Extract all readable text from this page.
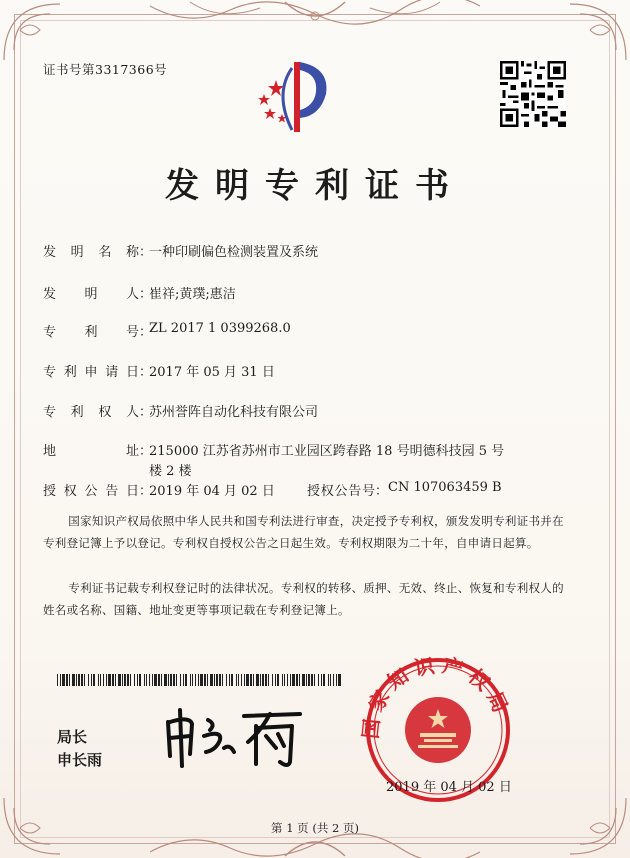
证书号第3317366号
发明专利证书
发明名称 ：
一种印刷偏色检测装置及系统
发明人 ：
崔祥;黄璞;惠洁
专利号 ：
ZL 2017 1 0399268.0
专利申请日 ：
2017 年 05 月 31 日
专利权人 ：
苏州誉阵自动化科技有限公司
地址 ：
215000 江苏省苏州市工业园区跨春路 18 号明德科技园 5 号
楼 2 楼
授权公告日 ：
2019 年 04 月 02 日 授权公告号 ： CN 107063459 B
国家知识产权局依照中华人民共和国专利法进行审查，决定授予专利权，颁发发明专利证书并在专利登记簿上予以登记。专利权自授权公告之日起生效。专利权期限为二十年，自申请日起算。
专利证书记载专利权登记时的法律状况。专利权的转移、质押、无效、终止、恢复和专利权人的姓名或名称、国籍、地址变更等事项记载在专利登记簿上。
局长
申长雨
国家知识产权局
2019 年 04 月 02 日
第 1 页 (共 2 页)
